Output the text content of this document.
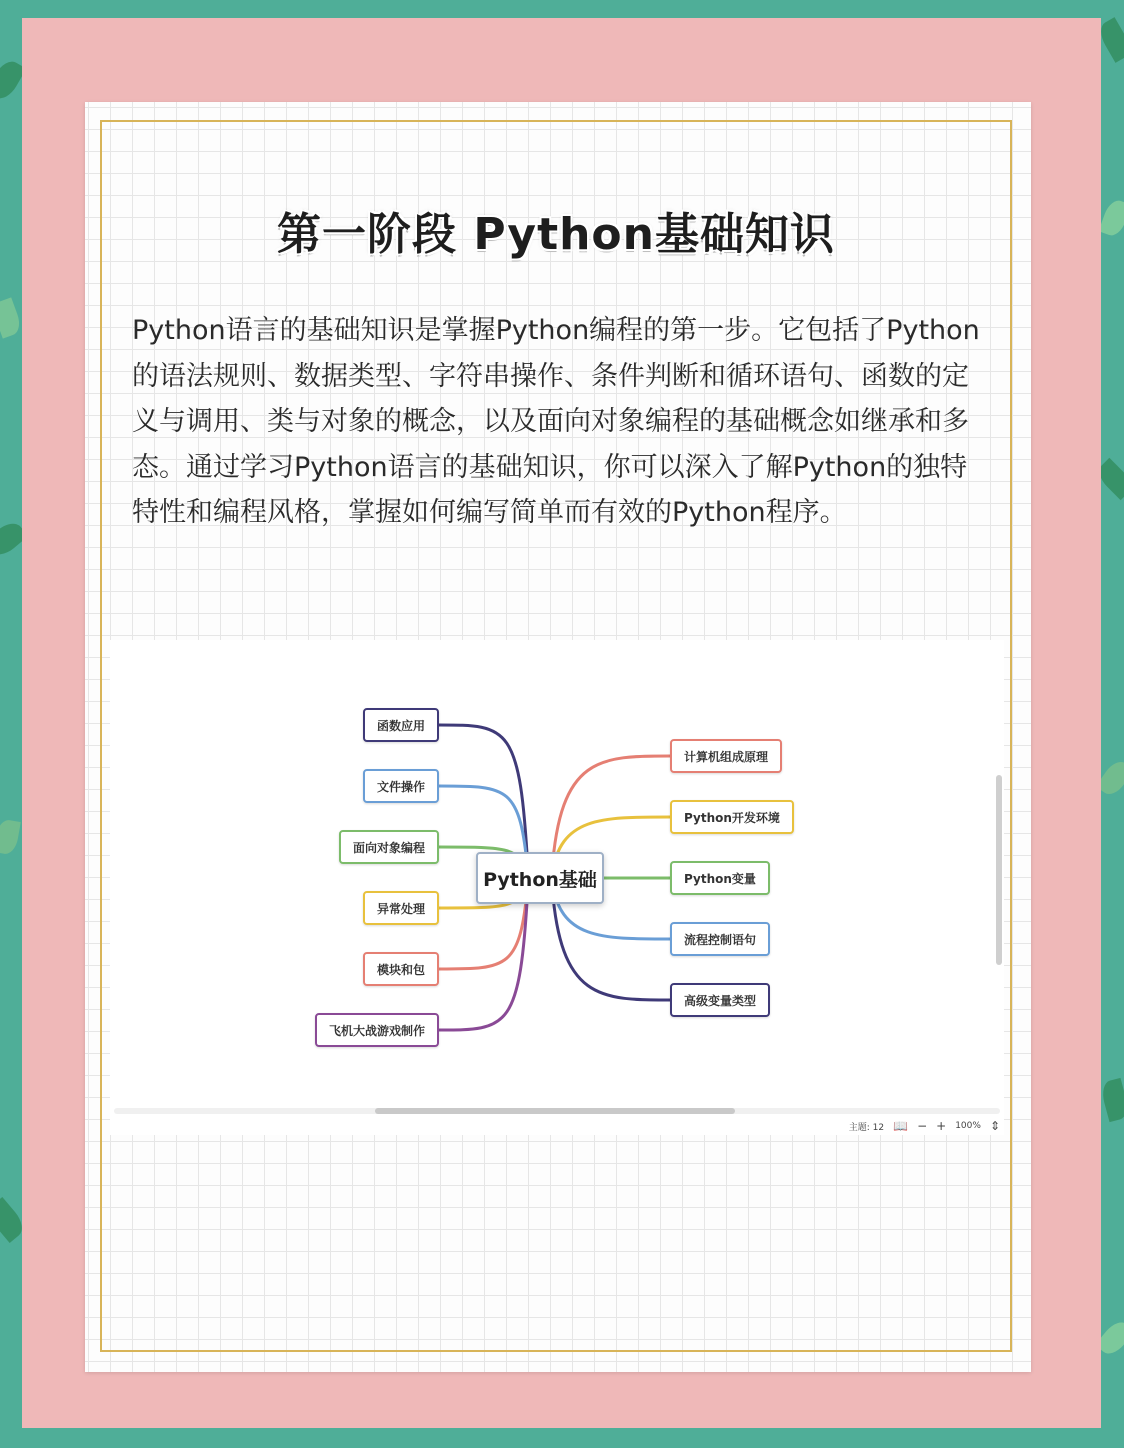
第一阶段 Python基础知识

Python语言的基础知识是掌握Python编程的第一步。它包括了Python的语法规则、数据类型、字符串操作、条件判断和循环语句、函数的定义与调用、类与对象的概念，以及面向对象编程的基础概念如继承和多态。通过学习Python语言的基础知识，你可以深入了解Python的独特特性和编程风格，掌握如何编写简单而有效的Python程序。

函数应用
文件操作
面向对象编程
异常处理
模块和包
飞机大战游戏制作
计算机组成原理
Python开发环境
Python变量
流程控制语句
高级变量类型
Python基础
主题: 12 📖 − + 100% ⇕
